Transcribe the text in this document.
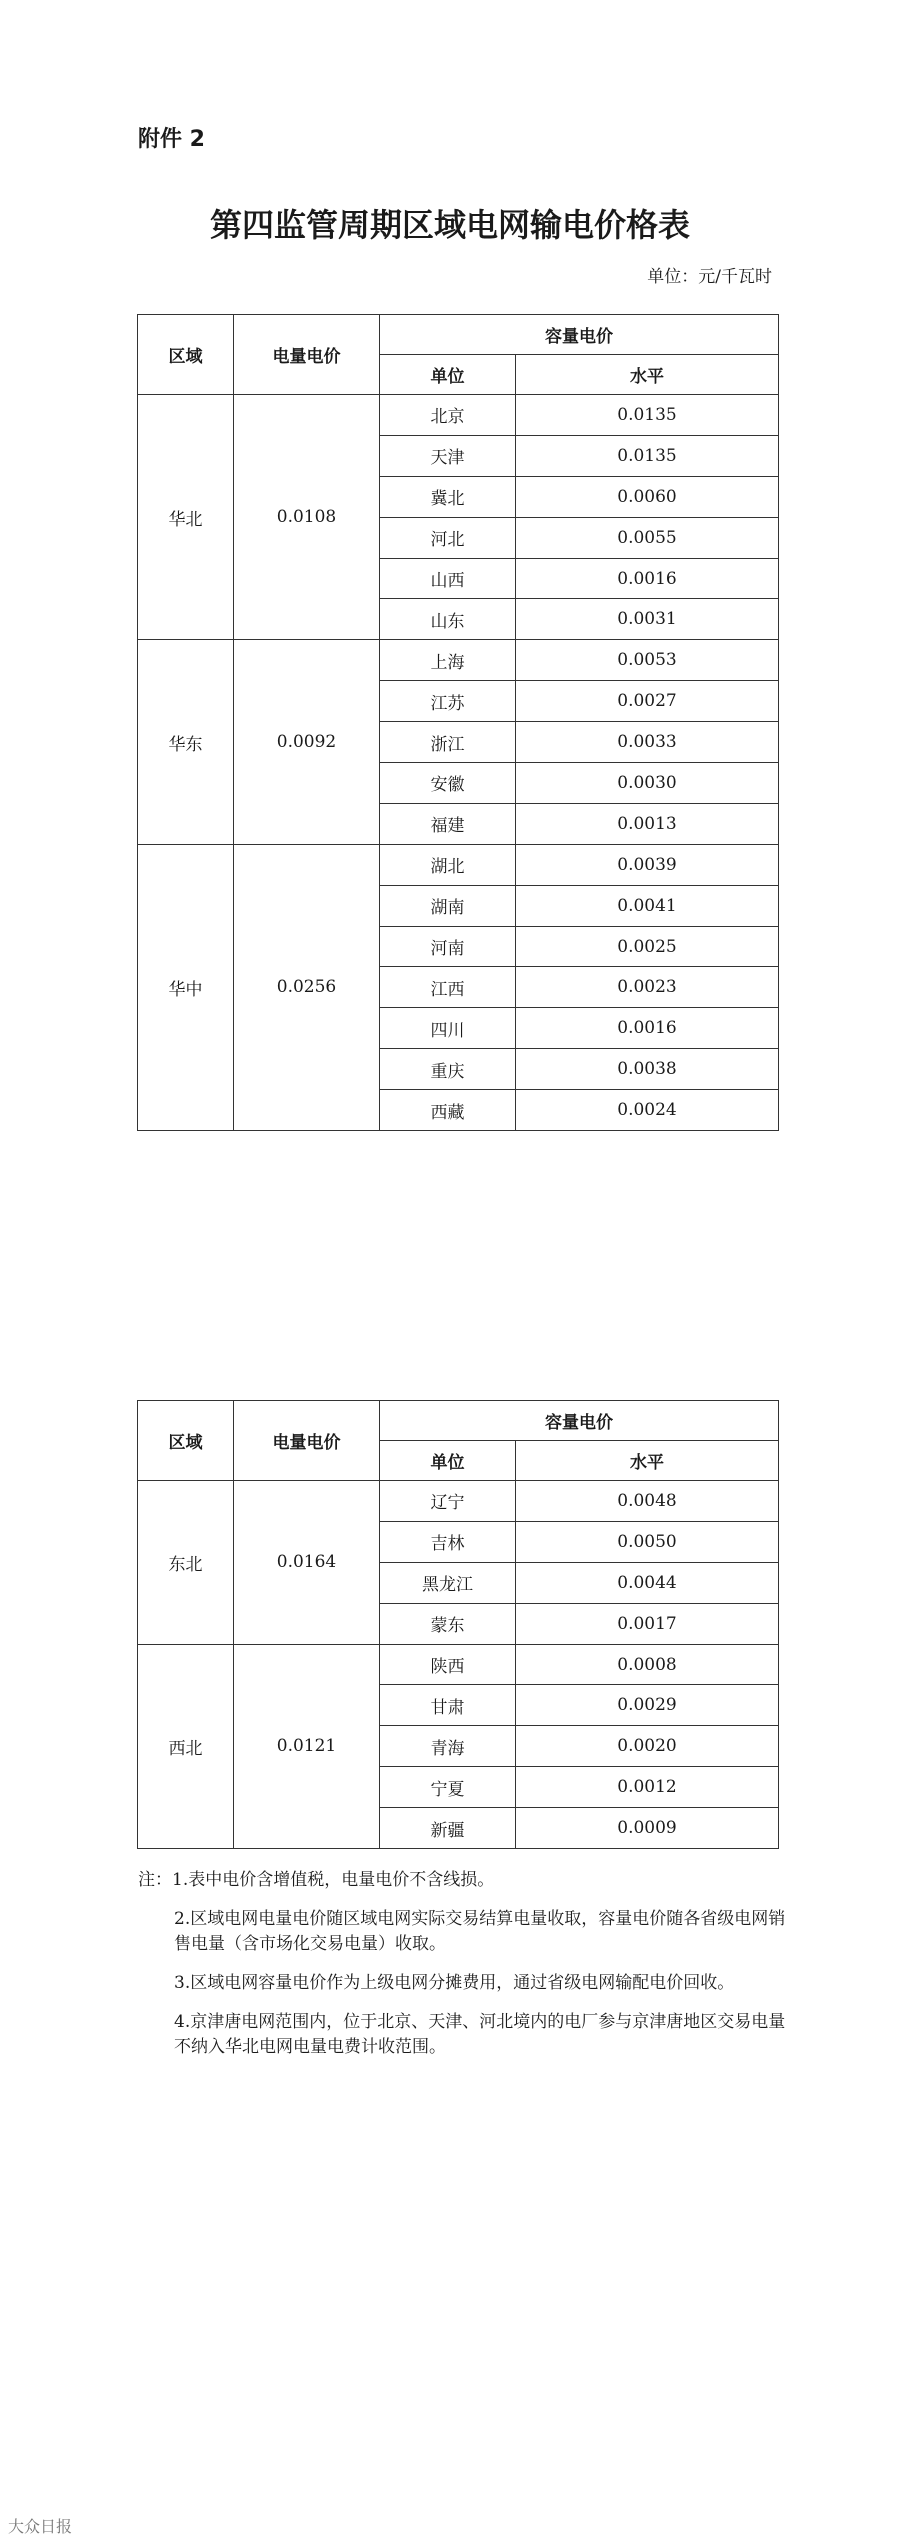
附件 2
第四监管周期区域电网输电价格表
单位：元/千瓦时
区域	电量电价	容量电价	
		单位	水平
华北	0.0108	北京	0.0135
		天津	0.0135
		冀北	0.0060
		河北	0.0055
		山西	0.0016
		山东	0.0031
华东	0.0092	上海	0.0053
		江苏	0.0027
		浙江	0.0033
		安徽	0.0030
		福建	0.0013
华中	0.0256	湖北	0.0039
		湖南	0.0041
		河南	0.0025
		江西	0.0023
		四川	0.0016
		重庆	0.0038
		西藏	0.0024
区域	电量电价	容量电价	
		单位	水平
东北	0.0164	辽宁	0.0048
		吉林	0.0050
		黑龙江	0.0044
		蒙东	0.0017
西北	0.0121	陕西	0.0008
		甘肃	0.0029
		青海	0.0020
		宁夏	0.0012
		新疆	0.0009

注：1.表中电价含增值税，电量电价不含线损。

2.区域电网电量电价随区域电网实际交易结算电量收取，容量电价随各省级电网销售电量（含市场化交易电量）收取。

3.区域电网容量电价作为上级电网分摊费用，通过省级电网输配电价回收。

4.京津唐电网范围内，位于北京、天津、河北境内的电厂参与京津唐地区交易电量不纳入华北电网电量电费计收范围。

大众日报
